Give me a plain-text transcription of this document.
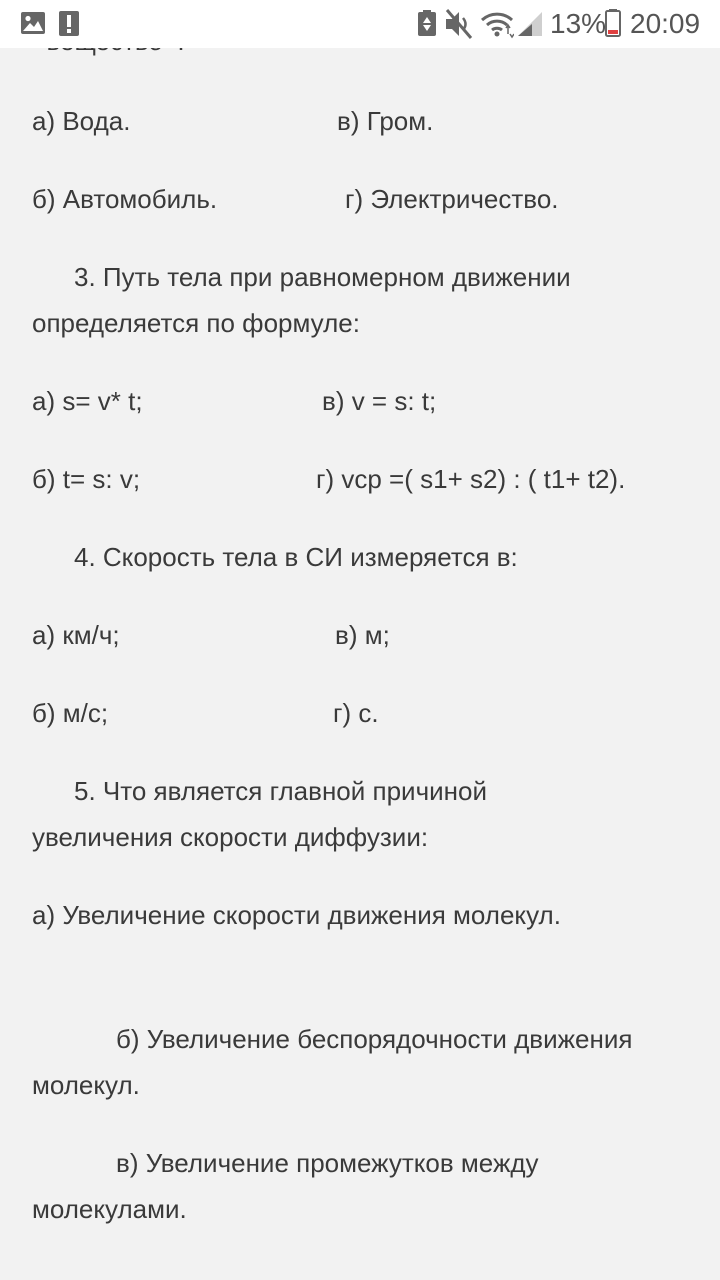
а) Вода.	в) Гром.
б) Автомобиль.	г) Электричество.
3. Путь тела при равномерном движении
определяется по формуле:
а) s= v* t;	в) v = s: t;
б) t= s: v;	г) vср =( s1+ s2) : ( t1+ t2).
4. Скорость тела в СИ измеряется в:
а) км/ч;	в) м;
б) м/с;	г) с.
5. Что является главной причиной
увеличения скорости диффузии:
а) Увеличение скорости движения молекул.
б) Увеличение беспорядочности движения
молекул.
в) Увеличение промежутков между
молекулами.
13% 20:09
